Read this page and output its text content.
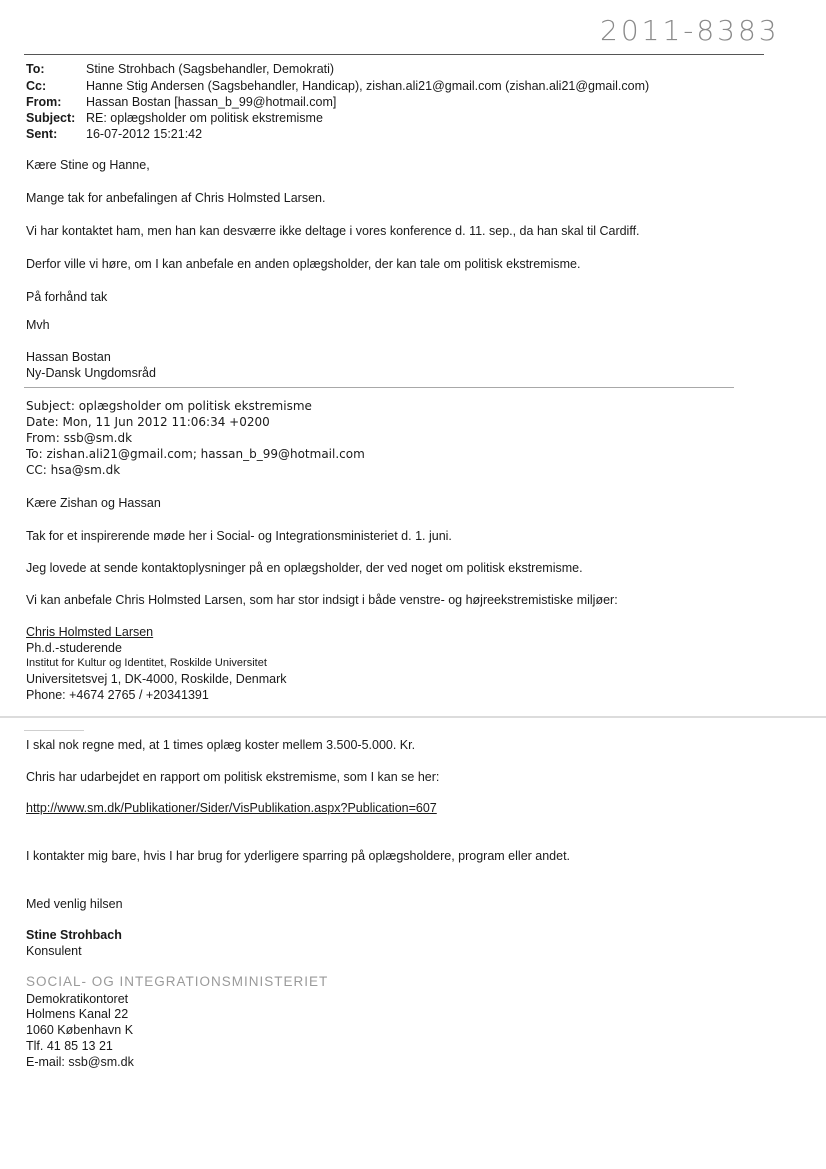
2011-8383
To:	Stine Strohbach (Sagsbehandler, Demokrati)
Cc:	Hanne Stig Andersen (Sagsbehandler, Handicap), zishan.ali21@gmail.com (zishan.ali21@gmail.com)
From: Hassan Bostan [hassan_b_99@hotmail.com]
Subject: RE: oplægsholder om politisk ekstremisme
Sent: 16-07-2012 15:21:42
Kære Stine og Hanne,
Mange tak for anbefalingen af Chris Holmsted Larsen.
Vi har kontaktet ham, men han kan desværre ikke deltage i vores konference d. 11. sep., da han skal til Cardiff.
Derfor ville vi høre, om I kan anbefale en anden oplægsholder, der kan tale om politisk ekstremisme.
På forhånd tak
Mvh
Hassan Bostan
Ny-Dansk Ungdomsråd
Subject: oplægsholder om politisk ekstremisme
Date: Mon, 11 Jun 2012 11:06:34 +0200
From: ssb@sm.dk
To: zishan.ali21@gmail.com; hassan_b_99@hotmail.com
CC: hsa@sm.dk
Kære Zishan og Hassan
Tak for et inspirerende møde her i Social- og Integrationsministeriet d. 1. juni.
Jeg lovede at sende kontaktoplysninger på en oplægsholder, der ved noget om politisk ekstremisme.
Vi kan anbefale Chris Holmsted Larsen, som har stor indsigt i både venstre- og højreekstremistiske miljøer:
Chris Holmsted Larsen
Ph.d.-studerende
Institut for Kultur og Identitet, Roskilde Universitet
Universitetsvej 1, DK-4000, Roskilde, Denmark
Phone: +4674 2765 / +20341391
I skal nok regne med, at 1 times oplæg koster mellem 3.500-5.000. Kr.
Chris har udarbejdet en rapport om politisk ekstremisme, som I kan se her:
http://www.sm.dk/Publikationer/Sider/VisPublikation.aspx?Publication=607
I kontakter mig bare, hvis I har brug for yderligere sparring på oplægsholdere, program eller andet.
Med venlig hilsen
Stine Strohbach
Konsulent
SOCIAL- OG INTEGRATIONSMINISTERIET
Demokratikontoret
Holmens Kanal 22
1060 København K
Tlf. 41 85 13 21
E-mail: ssb@sm.dk
